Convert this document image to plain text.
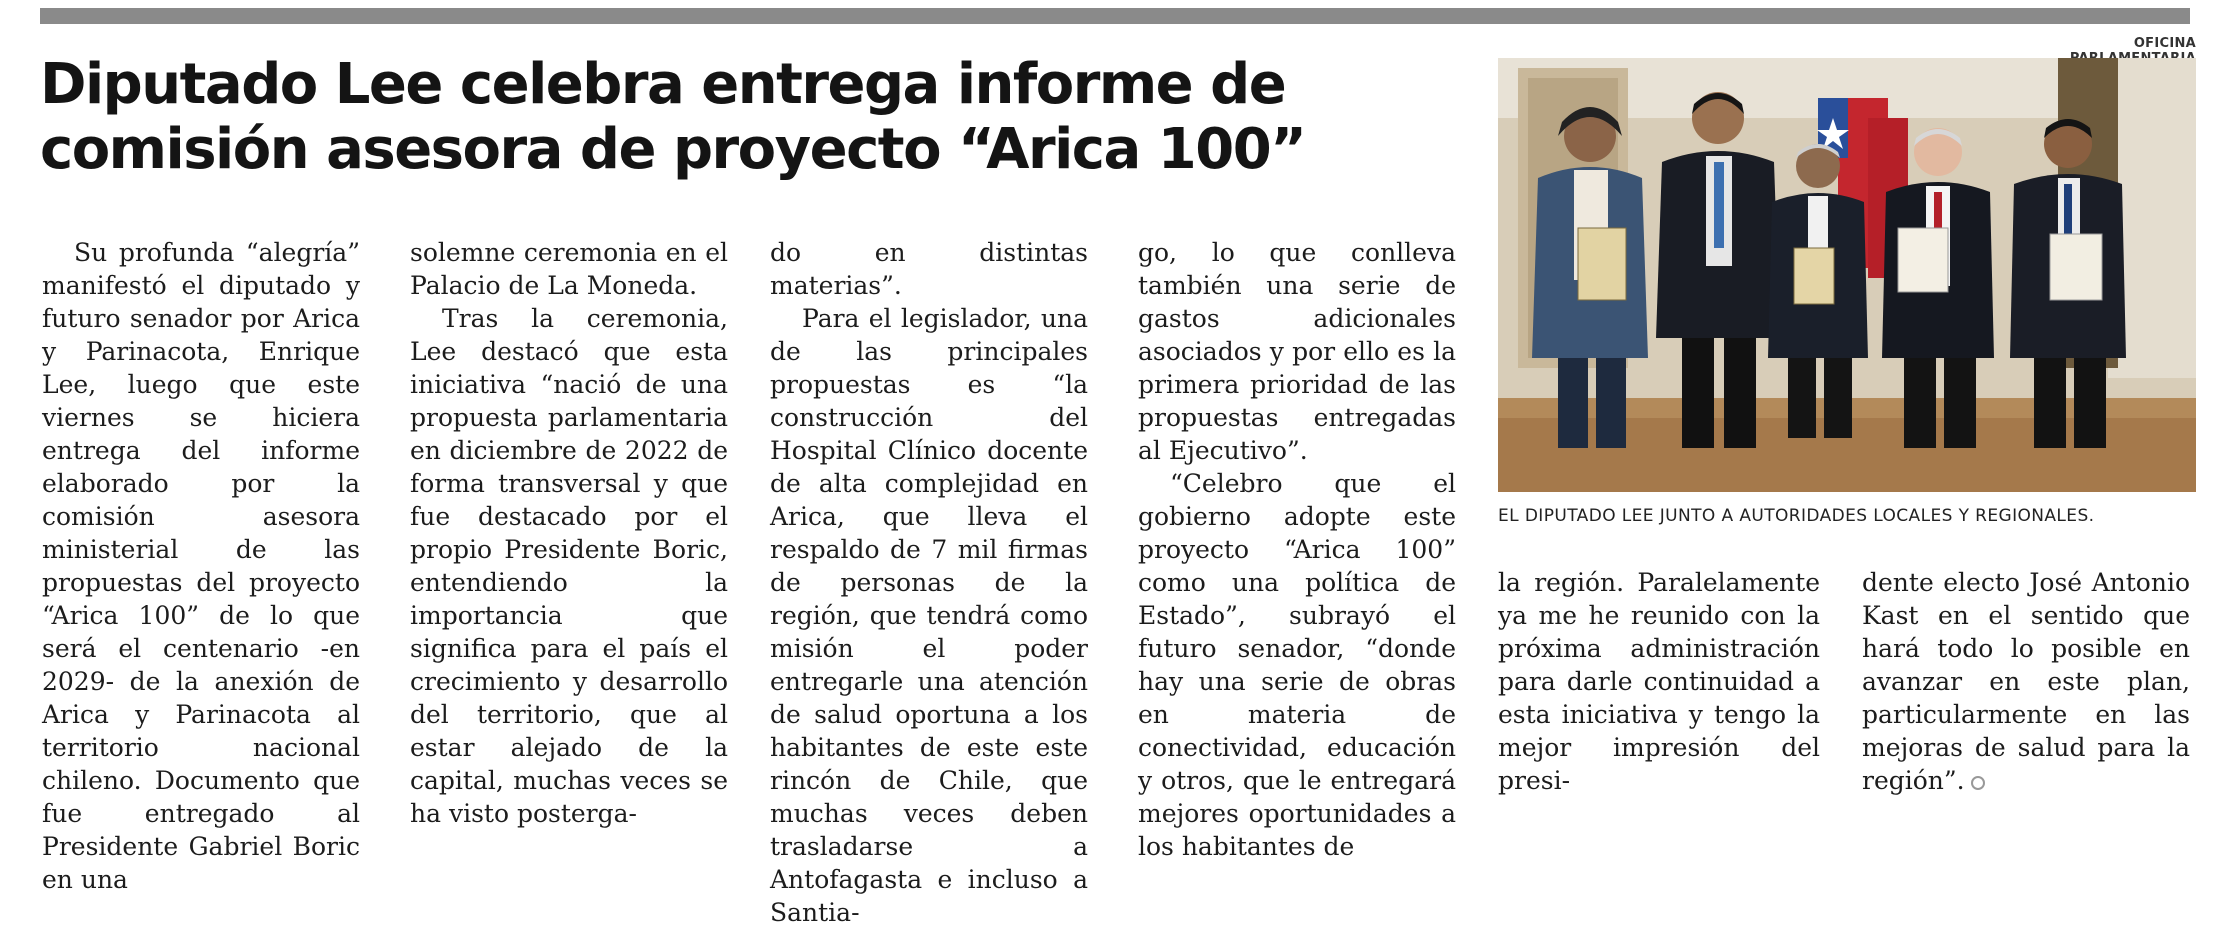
Diputado Lee celebra entrega informe de comisión asesora de proyecto “Arica 100”
OFICINA
EL DIPUTADO LEE JUNTO A AUTORIDADES LOCALES Y REGIONALES.

Su profunda “alegría” manifestó el diputado y futuro senador por Arica y Parinacota, Enrique Lee, luego que este viernes se hiciera entrega del informe elaborado por la comisión asesora ministerial de las propuestas del proyecto “Arica 100” de lo que será el centenario -en 2029- de la anexión de Arica y Parinacota al territorio nacional chileno. Documento que fue entregado al Presidente Gabriel Boric en una

solemne ceremonia en el Palacio de La Moneda.

Tras la ceremonia, Lee destacó que esta iniciativa “nació de una propuesta parlamentaria en diciembre de 2022 de forma transversal y que fue destacado por el propio Presidente Boric, entendiendo la importancia que significa para el país el crecimiento y desarrollo del territorio, que al estar alejado de la capital, muchas veces se ha visto posterga-

do en distintas materias”.

Para el legislador, una de las principales propuestas es “la construcción del Hospital Clínico docente de alta complejidad en Arica, que lleva el respaldo de 7 mil firmas de personas de la región, que tendrá como misión el poder entregarle una atención de salud oportuna a los habitantes de este este rincón de Chile, que muchas veces deben trasladarse a Antofagasta e incluso a Santia-

go, lo que conlleva también una serie de gastos adicionales asociados y por ello es la primera prioridad de las propuestas entregadas al Ejecutivo”.

“Celebro que el gobierno adopte este proyecto “Arica 100” como una política de Estado”, subrayó el futuro senador, “donde hay una serie de obras en materia de conectividad, educación y otros, que le entregará mejores oportunidades a los habitantes de

la región. Paralelamente ya me he reunido con la próxima administración para darle continuidad a esta iniciativa y tengo la mejor impresión del presi-

dente electo José Antonio Kast en el sentido que hará todo lo posible en avanzar en este plan, particularmente en las mejoras de salud para la región”.
